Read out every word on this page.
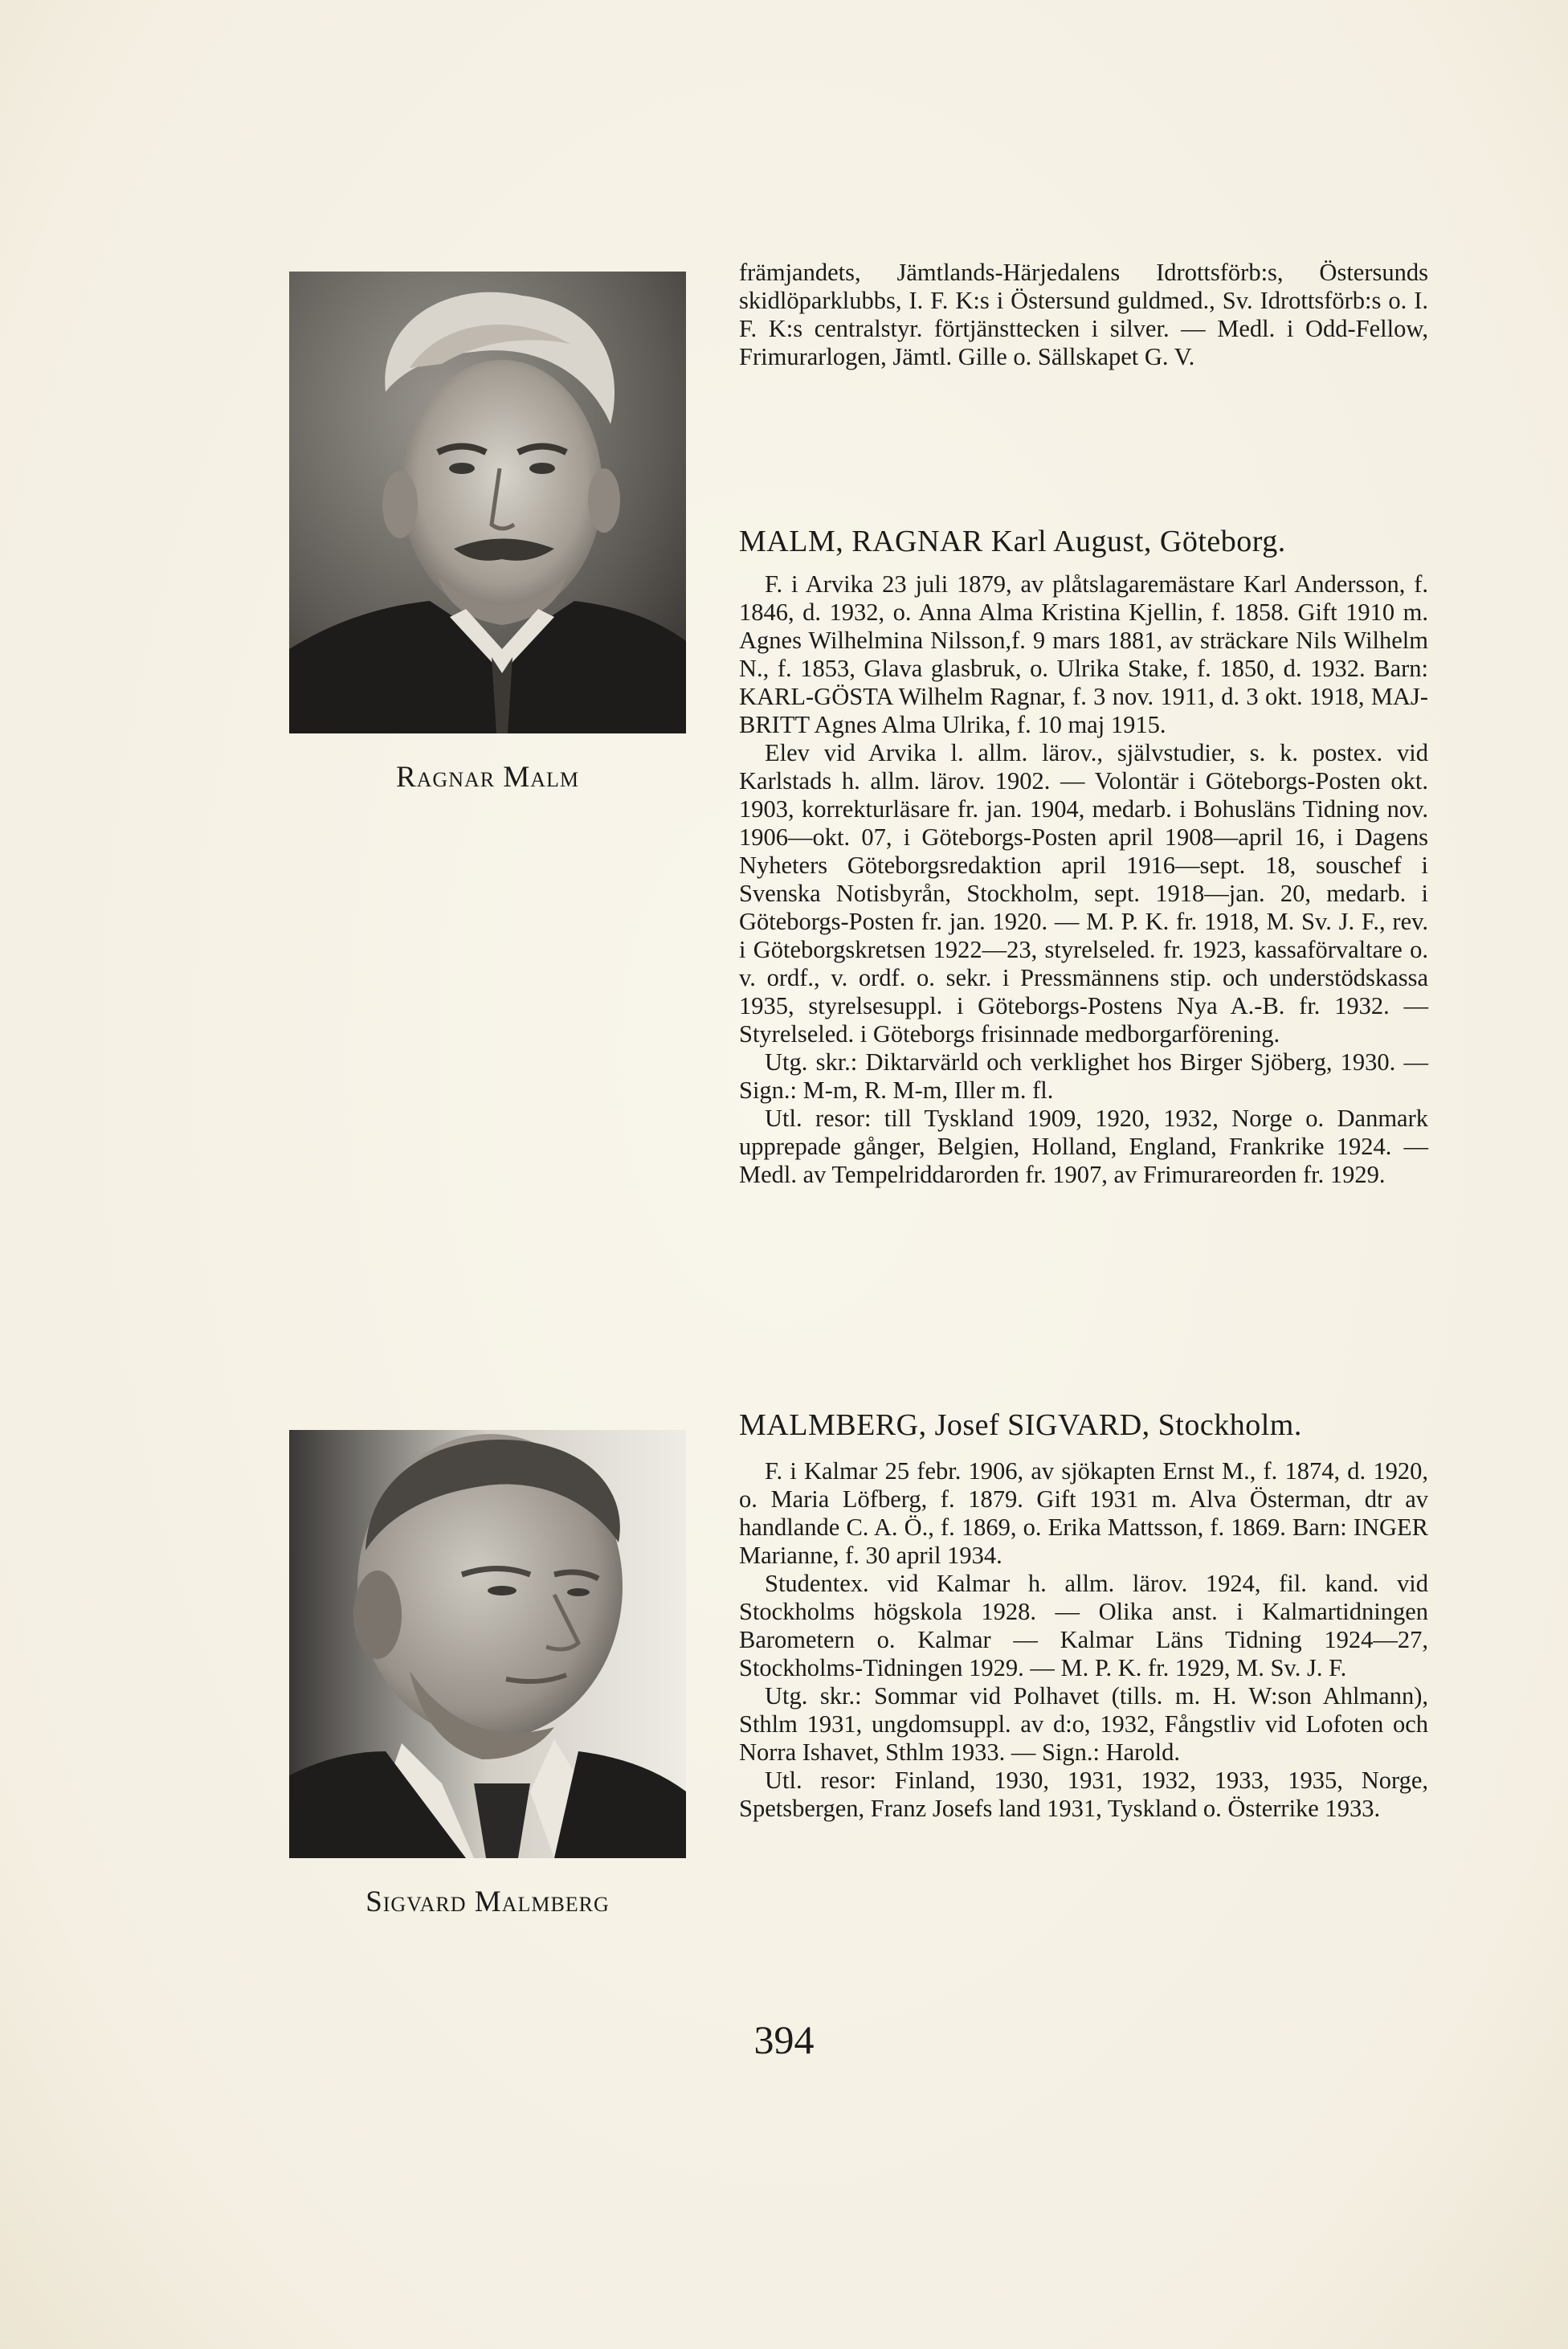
främjandets, Jämtlands-Härjedalens Idrottsförb:s, Östersunds skidlöparklubbs, I. F. K:s i Östersund guldmed., Sv. Idrottsförb:s o. I. F. K:s centralstyr. förtjänsttecken i silver. — Medl. i Odd-Fellow, Frimurarlogen, Jämtl. Gille o. Sällskapet G. V.

Ragnar Malm
MALM, RAGNAR Karl August, Göteborg.

F. i Arvika 23 juli 1879, av plåtslagaremästare Karl Andersson, f. 1846, d. 1932, o. Anna Alma Kristina Kjellin, f. 1858. Gift 1910 m. Agnes Wilhelmina Nilsson,f. 9 mars 1881, av sträckare Nils Wilhelm N., f. 1853, Glava glasbruk, o. Ulrika Stake, f. 1850, d. 1932. Barn: KARL-GÖSTA Wilhelm Ragnar, f. 3 nov. 1911, d. 3 okt. 1918, MAJ-BRITT Agnes Alma Ulrika, f. 10 maj 1915.

Elev vid Arvika l. allm. lärov., självstudier, s. k. postex. vid Karlstads h. allm. lärov. 1902. — Volontär i Göteborgs-Posten okt. 1903, korrekturläsare fr. jan. 1904, medarb. i Bohusläns Tidning nov. 1906—okt. 07, i Göteborgs-Posten april 1908—april 16, i Dagens Nyheters Göteborgsredaktion april 1916—sept. 18, souschef i Svenska Notisbyrån, Stockholm, sept. 1918—jan. 20, medarb. i Göteborgs-Posten fr. jan. 1920. — M. P. K. fr. 1918, M. Sv. J. F., rev. i Göteborgskretsen 1922—23, styrelseled. fr. 1923, kassaförvaltare o. v. ordf., v. ordf. o. sekr. i Pressmännens stip. och understödskassa 1935, styrelsesuppl. i Göteborgs-Postens Nya A.-B. fr. 1932. — Styrelseled. i Göteborgs frisinnade medborgarförening.

Utg. skr.: Diktarvärld och verklighet hos Birger Sjöberg, 1930. — Sign.: M-m, R. M-m, Iller m. fl.

Utl. resor: till Tyskland 1909, 1920, 1932, Norge o. Danmark upprepade gånger, Belgien, Holland, England, Frankrike 1924. — Medl. av Tempelriddarorden fr. 1907, av Frimurareorden fr. 1929.

Sigvard Malmberg
MALMBERG, Josef SIGVARD, Stockholm.

F. i Kalmar 25 febr. 1906, av sjökapten Ernst M., f. 1874, d. 1920, o. Maria Löfberg, f. 1879. Gift 1931 m. Alva Österman, dtr av handlande C. A. Ö., f. 1869, o. Erika Mattsson, f. 1869. Barn: INGER Marianne, f. 30 april 1934.

Studentex. vid Kalmar h. allm. lärov. 1924, fil. kand. vid Stockholms högskola 1928. — Olika anst. i Kalmartidningen Barometern o. Kalmar — Kalmar Läns Tidning 1924—27, Stockholms-Tidningen 1929. — M. P. K. fr. 1929, M. Sv. J. F.

Utg. skr.: Sommar vid Polhavet (tills. m. H. W:son Ahlmann), Sthlm 1931, ungdomsuppl. av d:o, 1932, Fångstliv vid Lofoten och Norra Ishavet, Sthlm 1933. — Sign.: Harold.

Utl. resor: Finland, 1930, 1931, 1932, 1933, 1935, Norge, Spetsbergen, Franz Josefs land 1931, Tyskland o. Österrike 1933.

394
